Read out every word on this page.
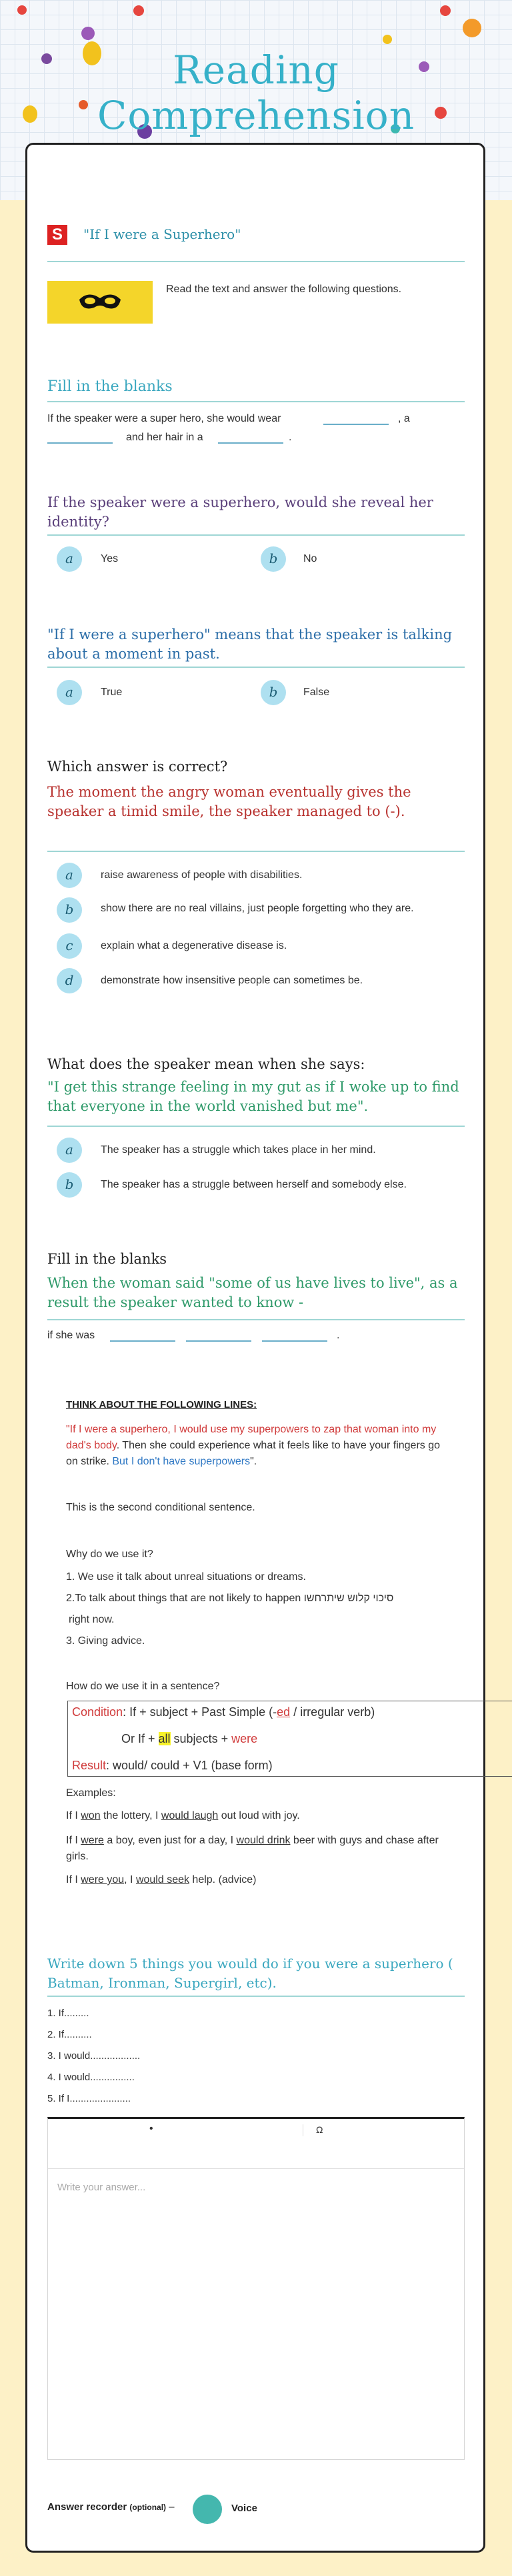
Reading
Comprehension
S	"If I were a Superhero"
Read the text and answer the following questions.
Fill in the blanks
If the speaker were a super hero, she would wear	, a
and her hair in a	.
If the speaker were a superhero, would she reveal her identity?
a	Yes	b	No
"If I were a superhero" means that the speaker is talking about a moment in past.
a	True	b	False
Which answer is correct?
The moment the angry woman eventually gives the speaker a timid smile, the speaker managed to (-).
a	raise awareness of people with disabilities.
b	show there are no real villains, just people forgetting who they are.
c	explain what a degenerative disease is.
d	demonstrate how insensitive people can sometimes be.
What does the speaker mean when she says:
"I get this strange feeling in my gut as if I woke up to find that everyone in the world vanished but me".
a	The speaker has a struggle which takes place in her mind.
b	The speaker has a struggle between herself and somebody else.
Fill in the blanks
When the woman said "some of us have lives to live", as a result the speaker wanted to know -
if she was	.
THINK ABOUT THE FOLLOWING LINES:
"If I were a superhero, I would use my superpowers to zap that woman into my dad's body. Then she could experience what it feels like to have your fingers go on strike. But I don't have superpowers".
This is the second conditional sentence.
Why do we use it?
1. We use it talk about unreal situations or dreams.
2.To talk about things that are not likely to happen סיכוי קלוש שיתרחשו
right now.
3. Giving advice.
How do we use it in a sentence?
Condition: If + subject + Past Simple (-ed / irregular verb)
Or If + all subjects + were
Result: would/ could + V1 (base form)
Examples:
If I won the lottery, I would laugh out loud with joy.
If I were a boy, even just for a day, I would drink beer with guys and chase after girls.
If I were you, I would seek help. (advice)
Write down 5 things you would do if you were a superhero ( Batman, Ironman, Supergirl, etc).
1. If.........
2. If..........
3. I would..................
4. I would................
5. If I......................
•	Ω
Write your answer...
Answer recorder (optional) –	Voice
